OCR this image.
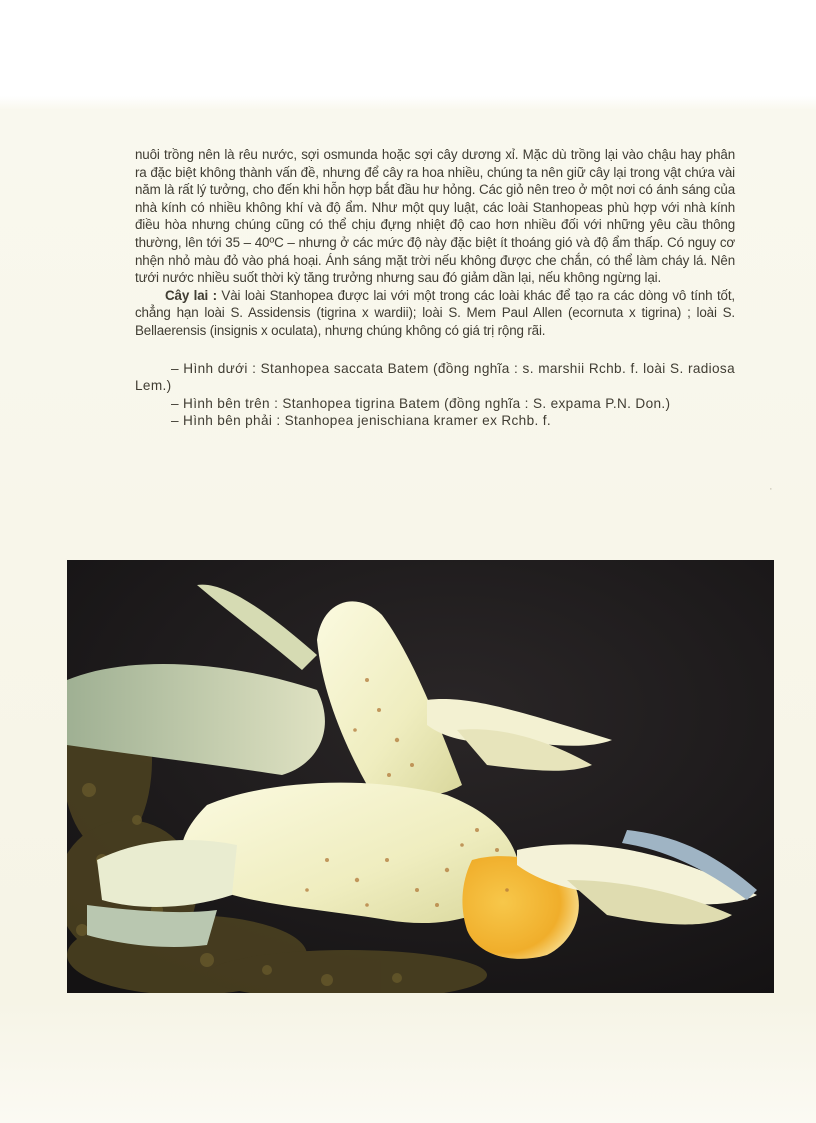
nuôi trồng nên là rêu nước, sợi osmunda hoặc sợi cây dương xỉ. Mặc dù trồng lại vào chậu hay phân ra đặc biệt không thành vấn đề, nhưng để cây ra hoa nhiều, chúng ta nên giữ cây lại trong vật chứa vài năm là rất lý tưởng, cho đến khi hỗn hợp bắt đầu hư hỏng. Các giỏ nên treo ở một nơi có ánh sáng của nhà kính có nhiều không khí và độ ẩm. Như một quy luật, các loài Stanhopeas phù hợp với nhà kính điều hòa nhưng chúng cũng có thể chịu đựng nhiệt độ cao hơn nhiều đối với những yêu cầu thông thường, lên tới 35 – 40ºC – nhưng ở các mức độ này đặc biệt ít thoáng gió và độ ẩm thấp. Có nguy cơ nhện nhỏ màu đỏ vào phá hoại. Ánh sáng mặt trời nếu không được che chắn, có thể làm cháy lá. Nên tưới nước nhiều suốt thời kỳ tăng trưởng nhưng sau đó giảm dần lại, nếu không ngừng lại.

Cây lai : Vài loài Stanhopea được lai với một trong các loài khác để tạo ra các dòng vô tính tốt, chẳng hạn loài S. Assidensis (tigrina x wardii); loài S. Mem Paul Allen (ecornuta x tigrina) ; loài S. Bellaerensis (insignis x oculata), nhưng chúng không có giá trị rộng rãi.

– Hình dưới : Stanhopea saccata Batem (đồng nghĩa : s. marshii Rchb. f. loài S. radiosa Lem.)

– Hình bên trên : Stanhopea tigrina Batem (đồng nghĩa : S. expama P.N. Don.)

– Hình bên phải : Stanhopea jenischiana kramer ex Rchb. f.

·
